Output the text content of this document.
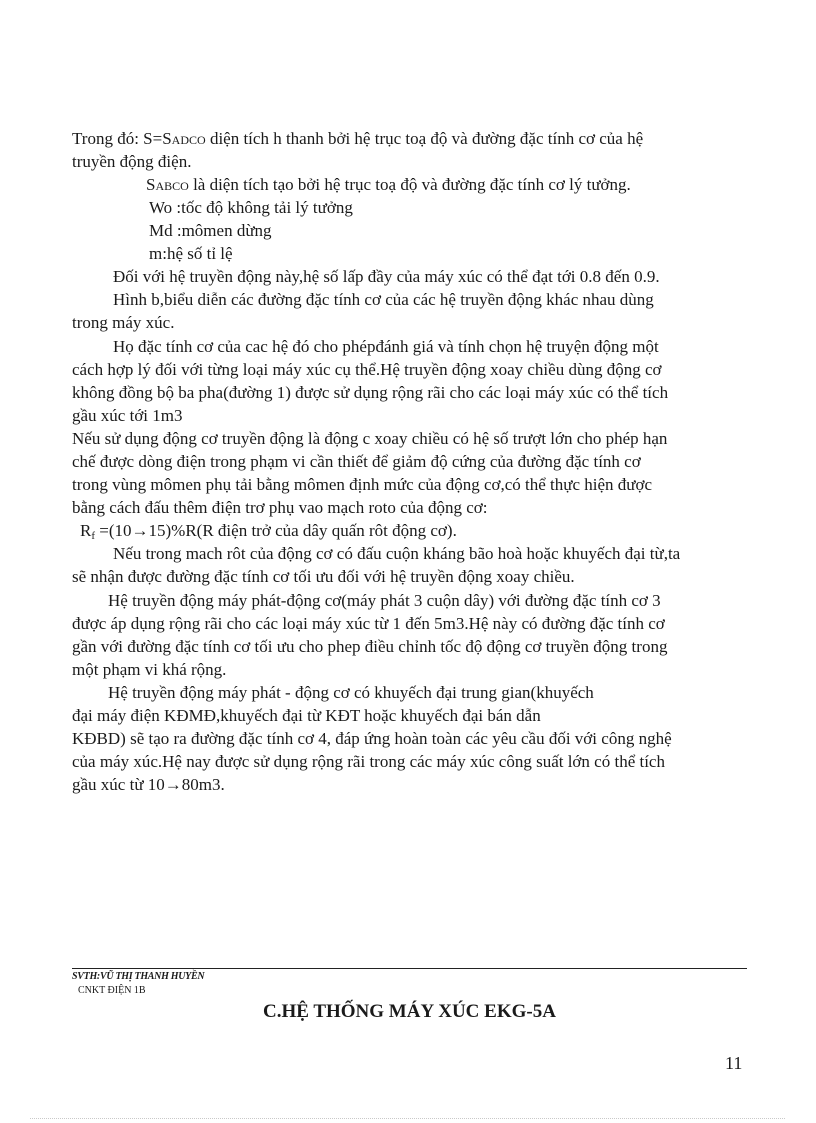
Trong đó: S=SADCO diện tích h thanh bởi hệ trục toạ độ và đường đặc tính cơ của hệ
truyền động điện.
SABCO là diện tích tạo bởi hệ trục toạ độ và đường đặc tính cơ lý tưởng.
Wo :tốc độ không tải lý tưởng
Md :mômen dừng
m:hệ số tỉ lệ
Đối với hệ truyền động này,hệ số lấp đầy của máy xúc có thể đạt tới 0.8 đến 0.9.
Hình b,biểu diễn các đường đặc tính cơ của các hệ truyền động khác nhau dùng
trong máy xúc.
Họ đặc tính cơ của cac hệ đó cho phépđánh giá và tính chọn hệ truyện động một
cách hợp lý đối với từng loại máy xúc cụ thể.Hệ truyền động xoay chiều dùng động cơ
không đồng bộ ba pha(đường 1) được sử dụng rộng rãi cho các loại máy xúc có thể tích
gầu xúc tới 1m3
Nếu sử dụng động cơ truyền động là động c xoay chiều có hệ số trượt lớn cho phép hạn
chế được dòng điện trong phạm vi cần thiết để giảm độ cứng của đường đặc tính cơ
trong vùng mômen phụ tải bằng mômen định mức của động cơ,có thể thực hiện được
bằng cách đấu thêm điện trơ phụ vao mạch roto của động cơ:
Rf =(10→15)%R(R điện trở của dây quấn rôt động cơ).
Nếu trong mach rôt của động cơ có đấu cuộn kháng bão hoà hoặc khuyếch đại từ,ta
sẽ nhận được đường đặc tính cơ tối ưu đối với hệ truyền động xoay chiều.
Hệ truyền động máy phát-động cơ(máy phát 3 cuộn dây) với đường đặc tính cơ 3
được áp dụng rộng rãi cho các loại máy xúc từ 1 đến 5m3.Hệ này có đường đặc tính cơ
gần với đường đặc tính cơ tối ưu cho phep điều chỉnh tốc độ động cơ truyền động trong
một phạm vi khá rộng.
Hệ truyền động máy phát - động cơ có khuyếch đại trung gian(khuyếch
đại máy điện KĐMĐ,khuyếch đại từ KĐT hoặc khuyếch đại bán dẫn
KĐBD) sẽ tạo ra đường đặc tính cơ 4, đáp ứng hoàn toàn các yêu cầu đối với công nghệ
của máy xúc.Hệ nay được sử dụng rộng rãi trong các máy xúc công suất lớn có thể tích
gầu xúc từ 10→80m3.
SVTH:VŨ THỊ THANH HUYỀN
CNKT ĐIỆN 1B
C.HỆ THỐNG MÁY XÚC EKG-5A
11
